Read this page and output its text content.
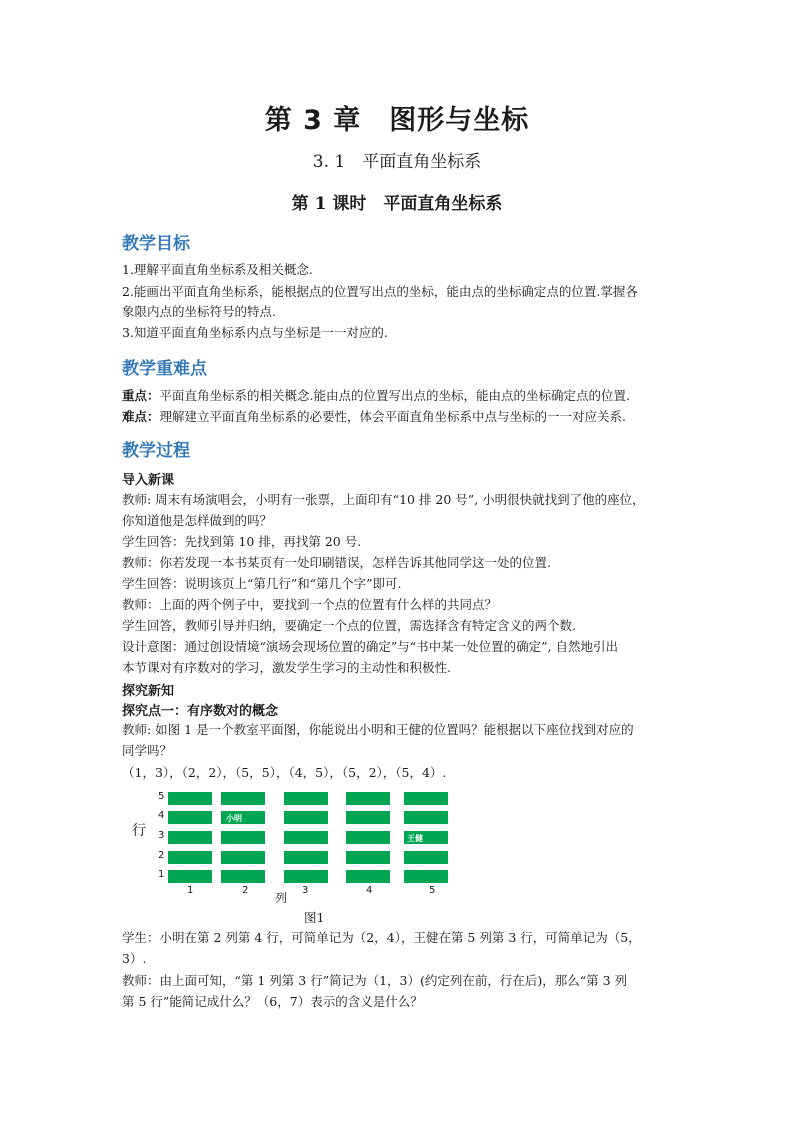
第 3 章　图形与坐标
3. 1　平面直角坐标系
第 1 课时　平面直角坐标系
教学目标
1.理解平面直角坐标系及相关概念.
2.能画出平面直角坐标系，能根据点的位置写出点的坐标，能由点的坐标确定点的位置.掌握各
象限内点的坐标符号的特点.
3.知道平面直角坐标系内点与坐标是一一对应的.
教学重难点
重点：平面直角坐标系的相关概念.能由点的位置写出点的坐标，能由点的坐标确定点的位置.
难点：理解建立平面直角坐标系的必要性，体会平面直角坐标系中点与坐标的一一对应关系.
教学过程
导入新课
教师: 周末有场演唱会，小明有一张票，上面印有“10 排 20 号”, 小明很快就找到了他的座位，
你知道他是怎样做到的吗？
学生回答：先找到第 10 排，再找第 20 号.
教师：你若发现一本书某页有一处印刷错误，怎样告诉其他同学这一处的位置.
学生回答：说明该页上“第几行”和“第几个字”即可.
教师：上面的两个例子中，要找到一个点的位置有什么样的共同点？
学生回答，教师引导并归纳，要确定一个点的位置，需选择含有特定含义的两个数.
设计意图：通过创设情境“演场会现场位置的确定”与“书中某一处位置的确定”, 自然地引出
本节课对有序数对的学习，激发学生学习的主动性和积极性.
探究新知
探究点一：有序数对的概念
教师: 如图 1 是一个教室平面图，你能说出小明和王健的位置吗？能根据以下座位找到对应的
同学吗？
（1，3），（2，2），（5，5），（4，5），（5，2），（5，4）.
行
列
5
4
3
2
1
1	2	3	4	5
小明
王健
图1
学生：小明在第 2 列第 4 行，可简单记为（2，4），王健在第 5 列第 3 行，可简单记为（5，
3）.
教师：由上面可知，“第 1 列第 3 行”简记为（1，3）(约定列在前，行在后)，那么“第 3 列
第 5 行”能简记成什么？（6，7）表示的含义是什么？
